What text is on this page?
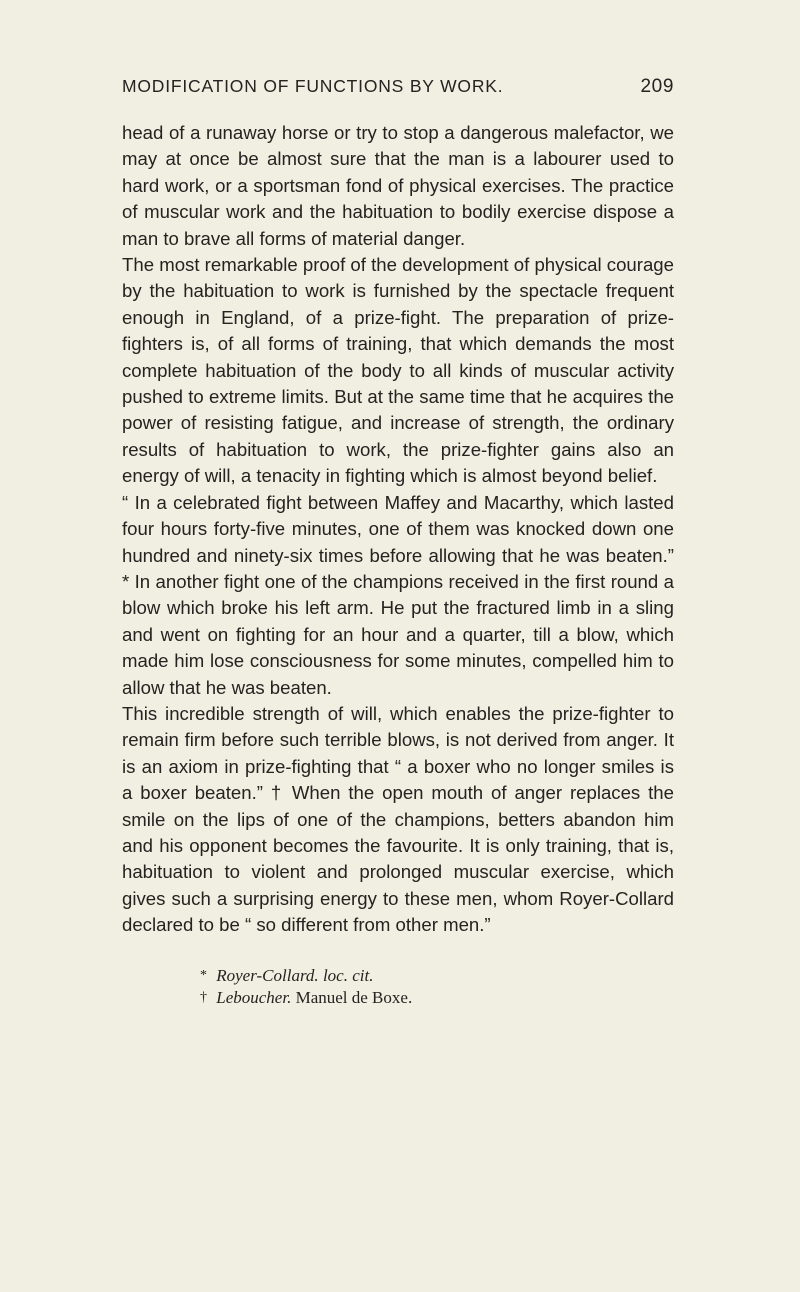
MODIFICATION OF FUNCTIONS BY WORK.	209

head of a runaway horse or try to stop a dangerous malefactor, we may at once be almost sure that the man is a labourer used to hard work, or a sportsman fond of physical exercises. The practice of muscular work and the habituation to bodily exercise dispose a man to brave all forms of material danger.

The most remarkable proof of the development of physical courage by the habituation to work is furnished by the spectacle frequent enough in England, of a prize-fight. The preparation of prize-fighters is, of all forms of training, that which demands the most complete habituation of the body to all kinds of muscular activity pushed to extreme limits. But at the same time that he acquires the power of resisting fatigue, and increase of strength, the ordinary results of habituation to work, the prize-fighter gains also an energy of will, a tenacity in fighting which is almost beyond belief.

“ In a celebrated fight between Maffey and Macarthy, which lasted four hours forty-five minutes, one of them was knocked down one hundred and ninety-six times before allowing that he was beaten.” * In another fight one of the champions received in the first round a blow which broke his left arm. He put the fractured limb in a sling and went on fighting for an hour and a quarter, till a blow, which made him lose consciousness for some minutes, compelled him to allow that he was beaten.

This incredible strength of will, which enables the prize-fighter to remain firm before such terrible blows, is not derived from anger. It is an axiom in prize-fighting that “ a boxer who no longer smiles is a boxer beaten.” † When the open mouth of anger replaces the smile on the lips of one of the champions, betters abandon him and his opponent becomes the favourite. It is only training, that is, habituation to violent and prolonged muscular exercise, which gives such a surprising energy to these men, whom Royer-Collard declared to be “ so different from other men.”

* Royer-Collard. loc. cit.
† Leboucher. Manuel de Boxe.
